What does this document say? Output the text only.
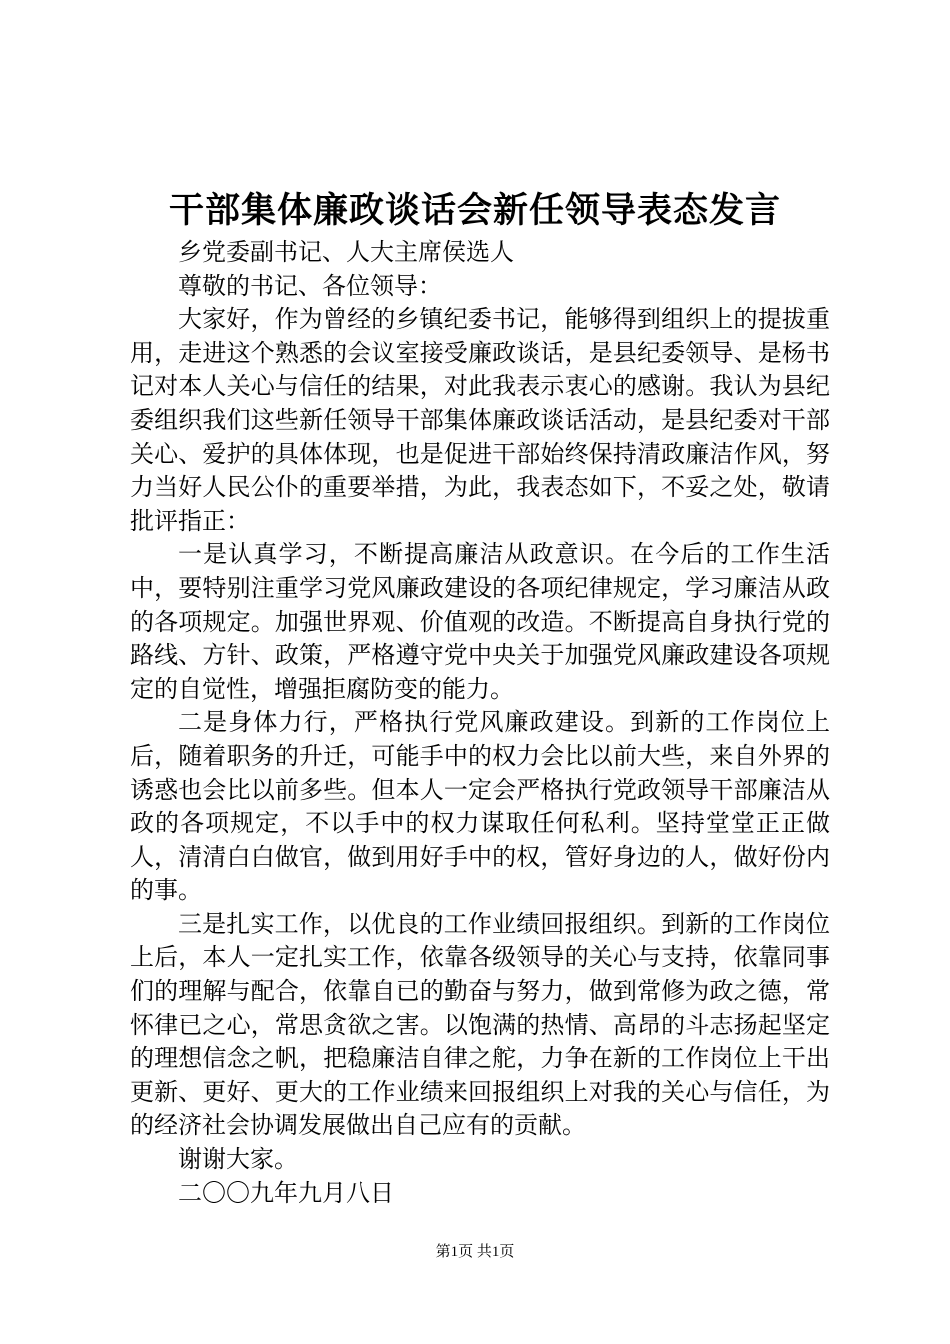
干部集体廉政谈话会新任领导表态发言

乡党委副书记、人大主席侯选人

尊敬的书记、各位领导：

大家好，作为曾经的乡镇纪委书记，能够得到组织上的提拔重用，走进这个熟悉的会议室接受廉政谈话，是县纪委领导、是杨书记对本人关心与信任的结果，对此我表示衷心的感谢。我认为县纪委组织我们这些新任领导干部集体廉政谈话活动，是县纪委对干部关心、爱护的具体体现，也是促进干部始终保持清政廉洁作风，努力当好人民公仆的重要举措，为此，我表态如下，不妥之处，敬请批评指正：

一是认真学习，不断提高廉洁从政意识。在今后的工作生活中，要特别注重学习党风廉政建设的各项纪律规定，学习廉洁从政的各项规定。加强世界观、价值观的改造。不断提高自身执行党的路线、方针、政策，严格遵守党中央关于加强党风廉政建设各项规定的自觉性，增强拒腐防变的能力。

二是身体力行，严格执行党风廉政建设。到新的工作岗位上后，随着职务的升迁，可能手中的权力会比以前大些，来自外界的诱惑也会比以前多些。但本人一定会严格执行党政领导干部廉洁从政的各项规定，不以手中的权力谋取任何私利。坚持堂堂正正做人，清清白白做官，做到用好手中的权，管好身边的人，做好份内的事。

三是扎实工作，以优良的工作业绩回报组织。到新的工作岗位上后，本人一定扎实工作，依靠各级领导的关心与支持，依靠同事们的理解与配合，依靠自已的勤奋与努力，做到常修为政之德，常怀律已之心，常思贪欲之害。以饱满的热情、高昂的斗志扬起坚定的理想信念之帆，把稳廉洁自律之舵，力争在新的工作岗位上干出更新、更好、更大的工作业绩来回报组织上对我的关心与信任，为的经济社会协调发展做出自己应有的贡献。

谢谢大家。

二〇〇九年九月八日

第1页 共1页
